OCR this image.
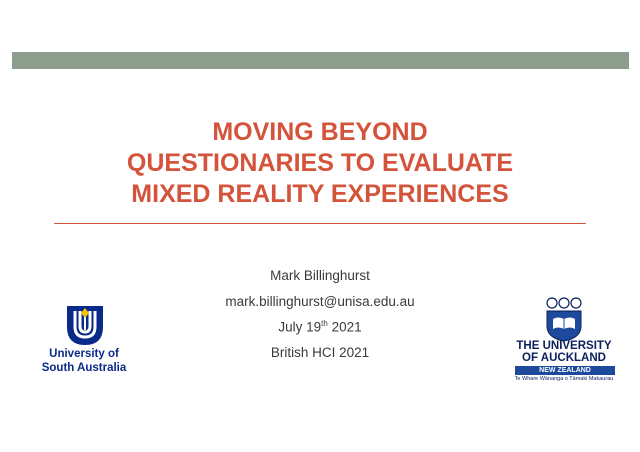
MOVING BEYOND
QUESTIONARIES TO EVALUATE
MIXED REALITY EXPERIENCES
Mark Billinghurst
mark.billinghurst@unisa.edu.au
July 19th 2021
British HCI 2021
University of
South Australia
THE UNIVERSITY
OF AUCKLAND
NEW ZEALAND
Te Whare Wānanga o Tāmaki Makaurau
